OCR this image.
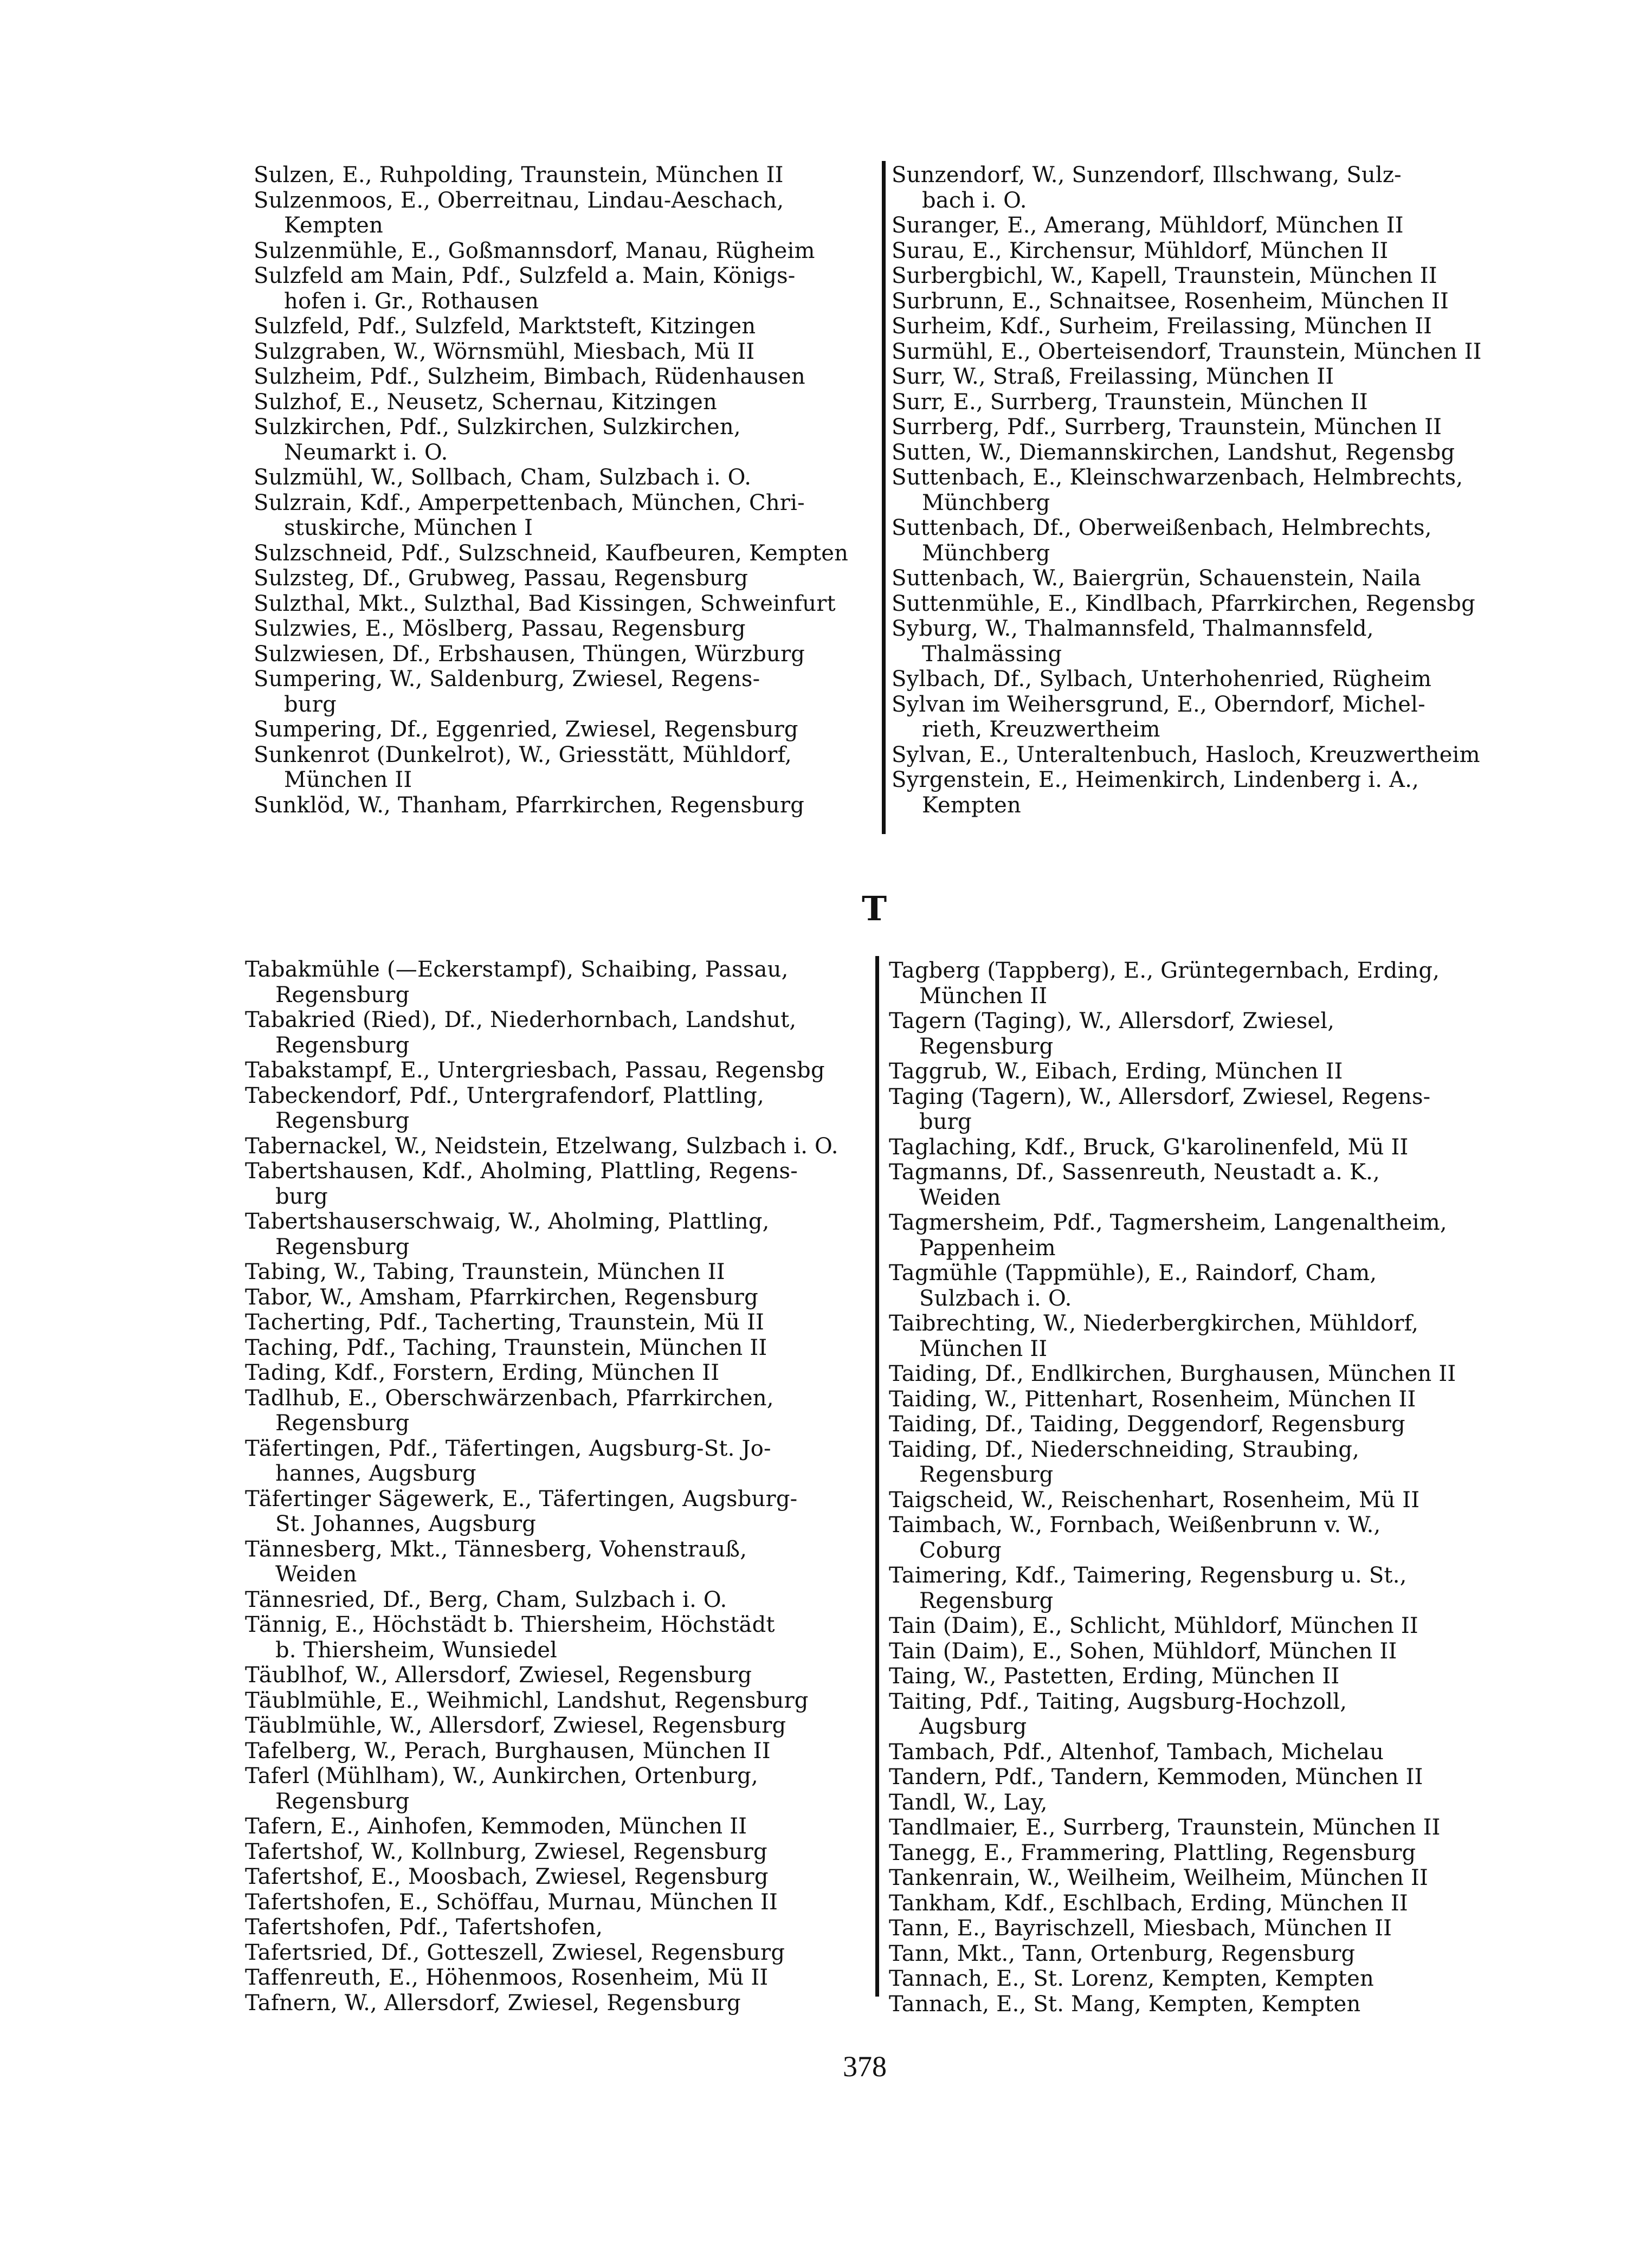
Sulzen, E., Ruhpolding, Traunstein, München II
Sulzenmoos, E., Oberreitnau, Lindau-Aeschach,
Kempten
Sulzenmühle, E., Goßmannsdorf, Manau, Rügheim
Sulzfeld am Main, Pdf., Sulzfeld a. Main, Königs-
hofen i. Gr., Rothausen
Sulzfeld, Pdf., Sulzfeld, Marktsteft, Kitzingen
Sulzgraben, W., Wörnsmühl, Miesbach, Mü II
Sulzheim, Pdf., Sulzheim, Bimbach, Rüdenhausen
Sulzhof, E., Neusetz, Schernau, Kitzingen
Sulzkirchen, Pdf., Sulzkirchen, Sulzkirchen,
Neumarkt i. O.
Sulzmühl, W., Sollbach, Cham, Sulzbach i. O.
Sulzrain, Kdf., Amperpettenbach, München, Chri-
stuskirche, München I
Sulzschneid, Pdf., Sulzschneid, Kaufbeuren, Kempten
Sulzsteg, Df., Grubweg, Passau, Regensburg
Sulzthal, Mkt., Sulzthal, Bad Kissingen, Schweinfurt
Sulzwies, E., Möslberg, Passau, Regensburg
Sulzwiesen, Df., Erbshausen, Thüngen, Würzburg
Sumpering, W., Saldenburg, Zwiesel, Regens-
burg
Sumpering, Df., Eggenried, Zwiesel, Regensburg
Sunkenrot (Dunkelrot), W., Griesstätt, Mühldorf,
München II
Sunklöd, W., Thanham, Pfarrkirchen, Regensburg
Sunzendorf, W., Sunzendorf, Illschwang, Sulz-
bach i. O.
Suranger, E., Amerang, Mühldorf, München II
Surau, E., Kirchensur, Mühldorf, München II
Surbergbichl, W., Kapell, Traunstein, München II
Surbrunn, E., Schnaitsee, Rosenheim, München II
Surheim, Kdf., Surheim, Freilassing, München II
Surmühl, E., Oberteisendorf, Traunstein, München II
Surr, W., Straß, Freilassing, München II
Surr, E., Surrberg, Traunstein, München II
Surrberg, Pdf., Surrberg, Traunstein, München II
Sutten, W., Diemannskirchen, Landshut, Regensbg
Suttenbach, E., Kleinschwarzenbach, Helmbrechts,
Münchberg
Suttenbach, Df., Oberweißenbach, Helmbrechts,
Münchberg
Suttenbach, W., Baiergrün, Schauenstein, Naila
Suttenmühle, E., Kindlbach, Pfarrkirchen, Regensbg
Syburg, W., Thalmannsfeld, Thalmannsfeld,
Thalmässing
Sylbach, Df., Sylbach, Unterhohenried, Rügheim
Sylvan im Weihersgrund, E., Oberndorf, Michel-
rieth, Kreuzwertheim
Sylvan, E., Unteraltenbuch, Hasloch, Kreuzwertheim
Syrgenstein, E., Heimenkirch, Lindenberg i. A.,
Kempten
T
Tabakmühle (—Eckerstampf), Schaibing, Passau,
Regensburg
Tabakried (Ried), Df., Niederhornbach, Landshut,
Regensburg
Tabakstampf, E., Untergriesbach, Passau, Regensbg
Tabeckendorf, Pdf., Untergrafendorf, Plattling,
Regensburg
Tabernackel, W., Neidstein, Etzelwang, Sulzbach i. O.
Tabertshausen, Kdf., Aholming, Plattling, Regens-
burg
Tabertshauserschwaig, W., Aholming, Plattling,
Regensburg
Tabing, W., Tabing, Traunstein, München II
Tabor, W., Amsham, Pfarrkirchen, Regensburg
Tacherting, Pdf., Tacherting, Traunstein, Mü II
Taching, Pdf., Taching, Traunstein, München II
Tading, Kdf., Forstern, Erding, München II
Tadlhub, E., Oberschwärzenbach, Pfarrkirchen,
Regensburg
Täfertingen, Pdf., Täfertingen, Augsburg-St. Jo-
hannes, Augsburg
Täfertinger Sägewerk, E., Täfertingen, Augsburg-
St. Johannes, Augsburg
Tännesberg, Mkt., Tännesberg, Vohenstrauß,
Weiden
Tännesried, Df., Berg, Cham, Sulzbach i. O.
Tännig, E., Höchstädt b. Thiersheim, Höchstädt
b. Thiersheim, Wunsiedel
Täublhof, W., Allersdorf, Zwiesel, Regensburg
Täublmühle, E., Weihmichl, Landshut, Regensburg
Täublmühle, W., Allersdorf, Zwiesel, Regensburg
Tafelberg, W., Perach, Burghausen, München II
Taferl (Mühlham), W., Aunkirchen, Ortenburg,
Regensburg
Tafern, E., Ainhofen, Kemmoden, München II
Tafertshof, W., Kollnburg, Zwiesel, Regensburg
Tafertshof, E., Moosbach, Zwiesel, Regensburg
Tafertshofen, E., Schöffau, Murnau, München II
Tafertshofen, Pdf., Tafertshofen,
Tafertsried, Df., Gotteszell, Zwiesel, Regensburg
Taffenreuth, E., Höhenmoos, Rosenheim, Mü II
Tafnern, W., Allersdorf, Zwiesel, Regensburg
Tagberg (Tappberg), E., Grüntegernbach, Erding,
München II
Tagern (Taging), W., Allersdorf, Zwiesel,
Regensburg
Taggrub, W., Eibach, Erding, München II
Taging (Tagern), W., Allersdorf, Zwiesel, Regens-
burg
Taglaching, Kdf., Bruck, G'karolinenfeld, Mü II
Tagmanns, Df., Sassenreuth, Neustadt a. K.,
Weiden
Tagmersheim, Pdf., Tagmersheim, Langenaltheim,
Pappenheim
Tagmühle (Tappmühle), E., Raindorf, Cham,
Sulzbach i. O.
Taibrechting, W., Niederbergkirchen, Mühldorf,
München II
Taiding, Df., Endlkirchen, Burghausen, München II
Taiding, W., Pittenhart, Rosenheim, München II
Taiding, Df., Taiding, Deggendorf, Regensburg
Taiding, Df., Niederschneiding, Straubing,
Regensburg
Taigscheid, W., Reischenhart, Rosenheim, Mü II
Taimbach, W., Fornbach, Weißenbrunn v. W.,
Coburg
Taimering, Kdf., Taimering, Regensburg u. St.,
Regensburg
Tain (Daim), E., Schlicht, Mühldorf, München II
Tain (Daim), E., Sohen, Mühldorf, München II
Taing, W., Pastetten, Erding, München II
Taiting, Pdf., Taiting, Augsburg-Hochzoll,
Augsburg
Tambach, Pdf., Altenhof, Tambach, Michelau
Tandern, Pdf., Tandern, Kemmoden, München II
Tandl, W., Lay,
Tandlmaier, E., Surrberg, Traunstein, München II
Tanegg, E., Frammering, Plattling, Regensburg
Tankenrain, W., Weilheim, Weilheim, München II
Tankham, Kdf., Eschlbach, Erding, München II
Tann, E., Bayrischzell, Miesbach, München II
Tann, Mkt., Tann, Ortenburg, Regensburg
Tannach, E., St. Lorenz, Kempten, Kempten
Tannach, E., St. Mang, Kempten, Kempten
378
